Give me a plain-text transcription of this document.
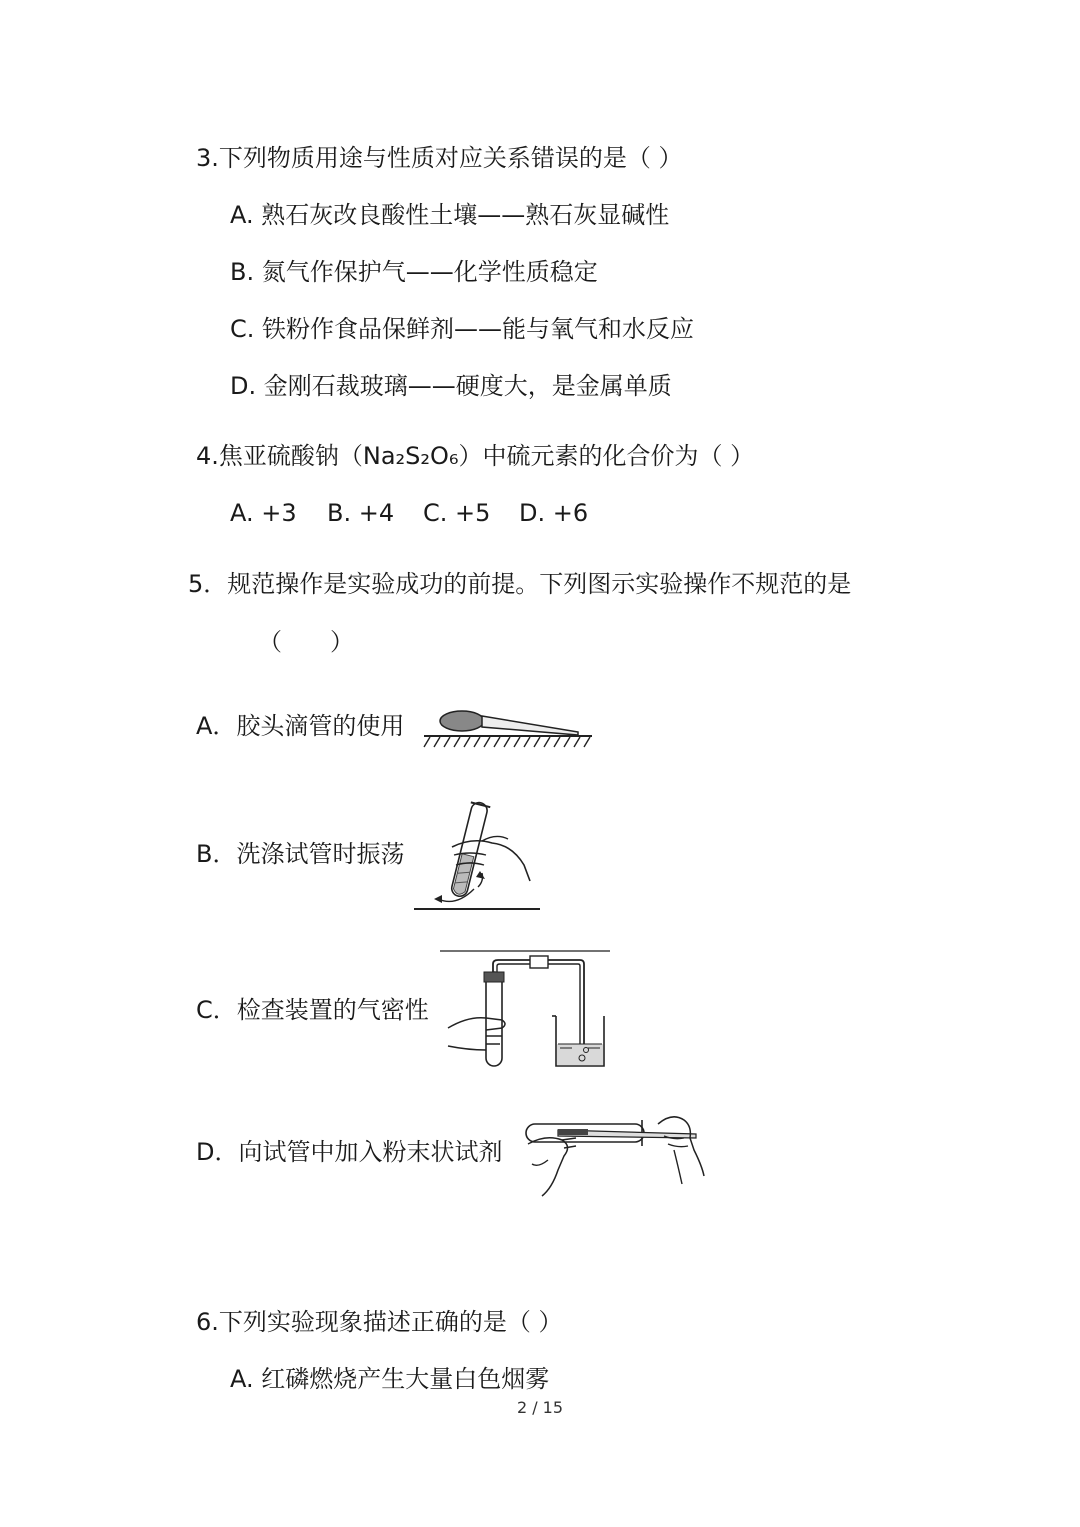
3.下列物质用途与性质对应关系错误的是（ ）
A. 熟石灰改良酸性土壤——熟石灰显碱性
B. 氮气作保护气——化学性质稳定
C. 铁粉作食品保鲜剂——能与氧气和水反应
D. 金刚石裁玻璃——硬度大，是金属单质
4.焦亚硫酸钠（Na₂S₂O₆）中硫元素的化合价为（ ）
A. +3 B. +4 C. +5 D. +6
5．规范操作是实验成功的前提。下列图示实验操作不规范的是
（　　）
A．胶头滴管的使用
B．洗涤试管时振荡
C．检查装置的气密性
D．向试管中加入粉末状试剂
6.下列实验现象描述正确的是（ ）
A. 红磷燃烧产生大量白色烟雾
2 / 15
